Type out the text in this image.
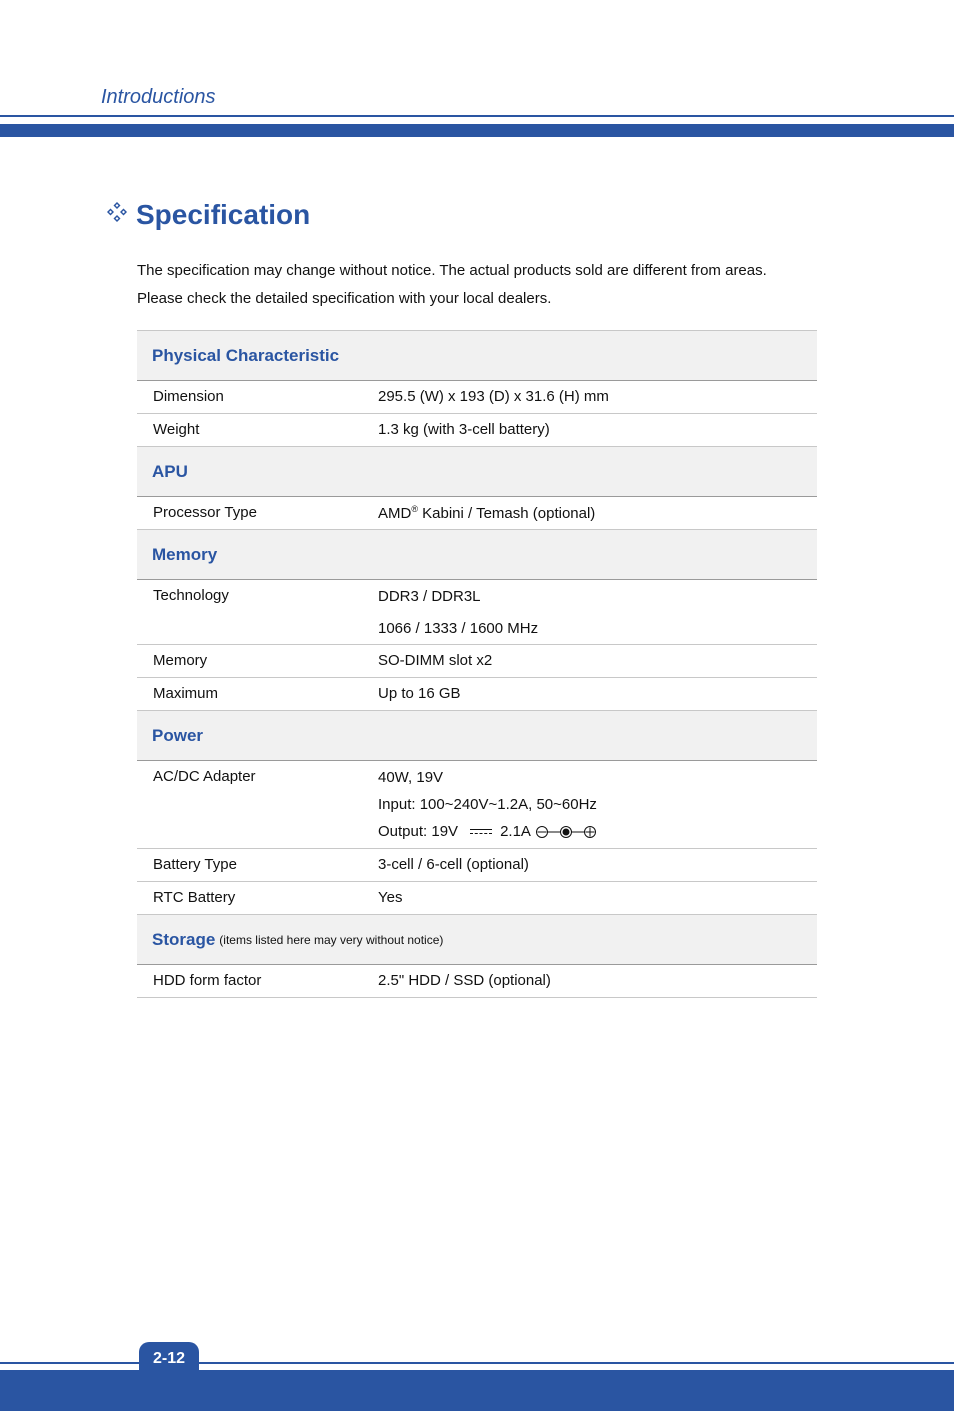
Introductions
Specification

The specification may change without notice. The actual products sold are different from areas.

Please check the detailed specification with your local dealers.

Physical Characteristic
Dimension	295.5 (W) x 193 (D) x 31.6 (H) mm
Weight	1.3 kg (with 3-cell battery)
APU
Processor Type	AMD® Kabini / Temash (optional)
Memory
Technology	DDR3 / DDR3L
1066 / 1333 / 1600 MHz
Memory	SO-DIMM slot x2
Maximum	Up to 16 GB
Power
AC/DC Adapter	40W, 19V
Input: 100~240V~1.2A, 50~60Hz
Output: 19V	2.1A
Battery Type	3-cell / 6-cell (optional)
RTC Battery	Yes
Storage (items listed here may very without notice)
HDD form factor	2.5" HDD / SSD (optional)
2-12
